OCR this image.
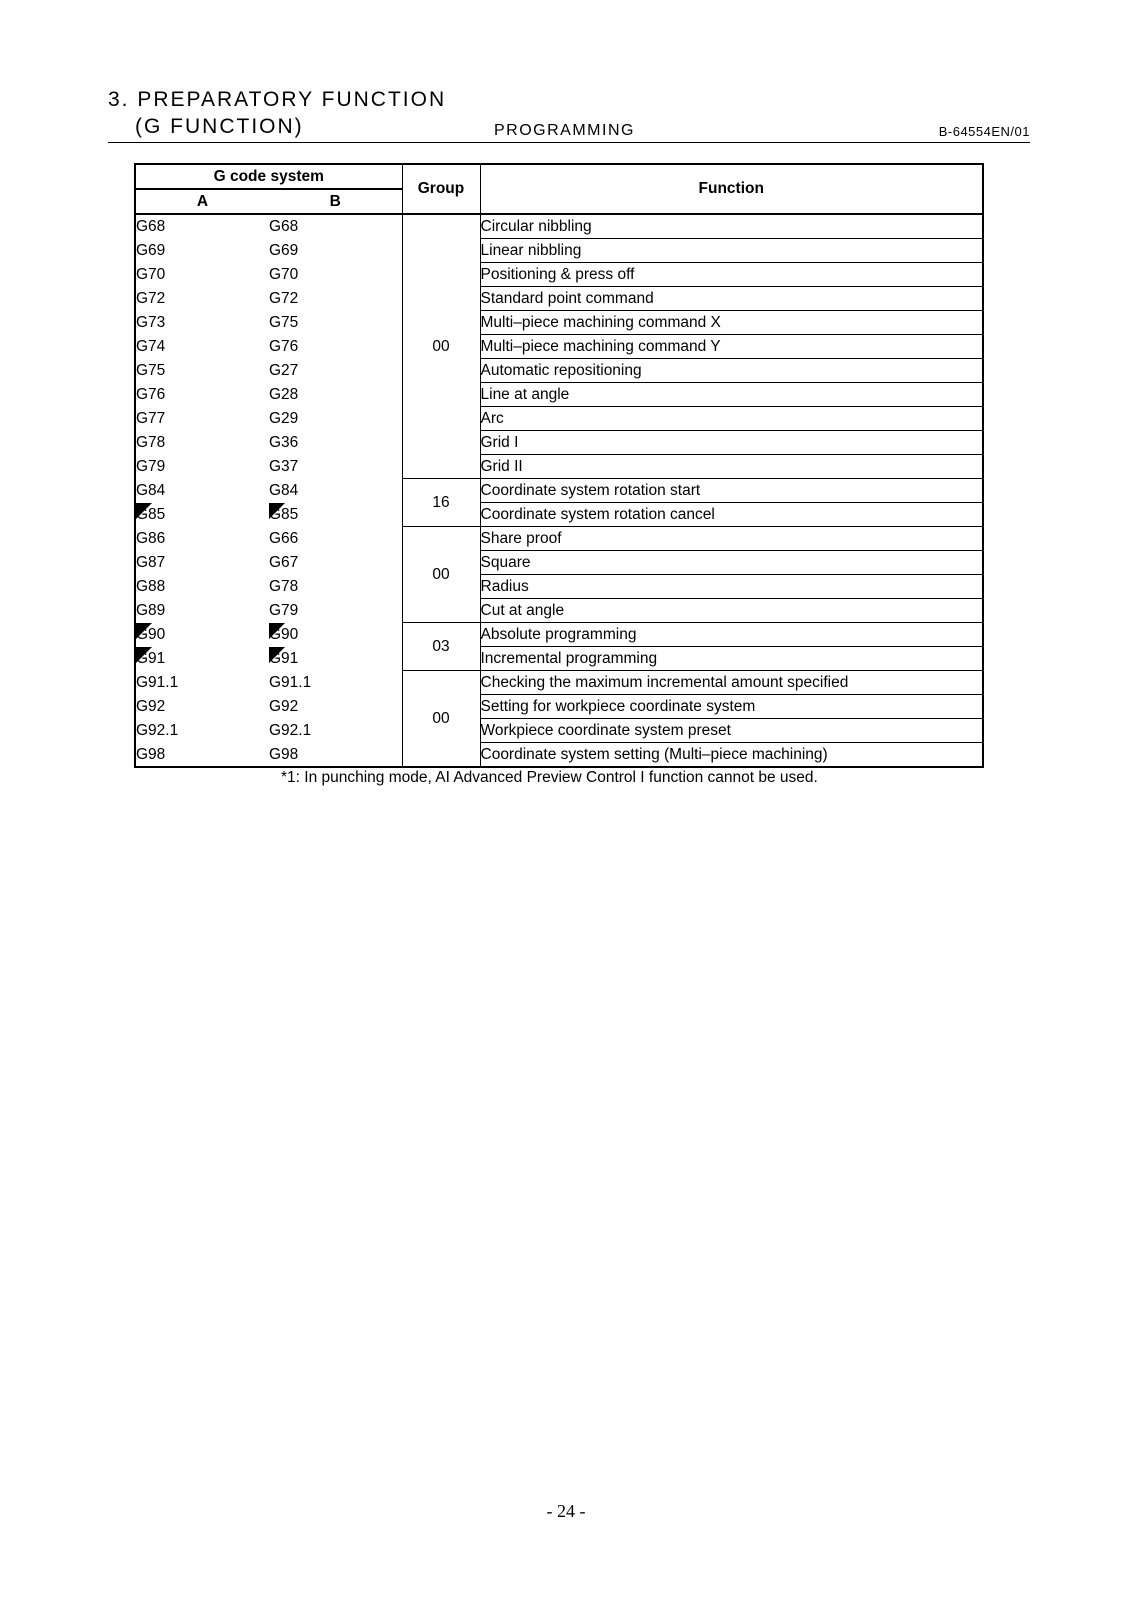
3. PREPARATORY FUNCTION
(G FUNCTION)	PROGRAMMING	B-64554EN/01
G code system		Group	Function
A	B		
G68	G68	00	Circular nibbling
G69	G69		Linear nibbling
G70	G70		Positioning & press off
G72	G72		Standard point command
G73	G75		Multi–piece machining command X
G74	G76		Multi–piece machining command Y
G75	G27		Automatic repositioning
G76	G28		Line at angle
G77	G29		Arc
G78	G36		Grid I
G79	G37		Grid II
G84	G84	16	Coordinate system rotation start

G85	G85		Coordinate system rotation cancel
G86	G66	00	Share proof
G87	G67		Square
G88	G78		Radius
G89	G79		Cut at angle

G90	G90	03	Absolute programming

G91	G91		Incremental programming
G91.1	G91.1	00	Checking the maximum incremental amount specified
G92	G92		Setting for workpiece coordinate system
G92.1	G92.1		Workpiece coordinate system preset
G98	G98		Coordinate system setting (Multi–piece machining)
*1: In punching mode, AI Advanced Preview Control I function cannot be used.
- 24 -
